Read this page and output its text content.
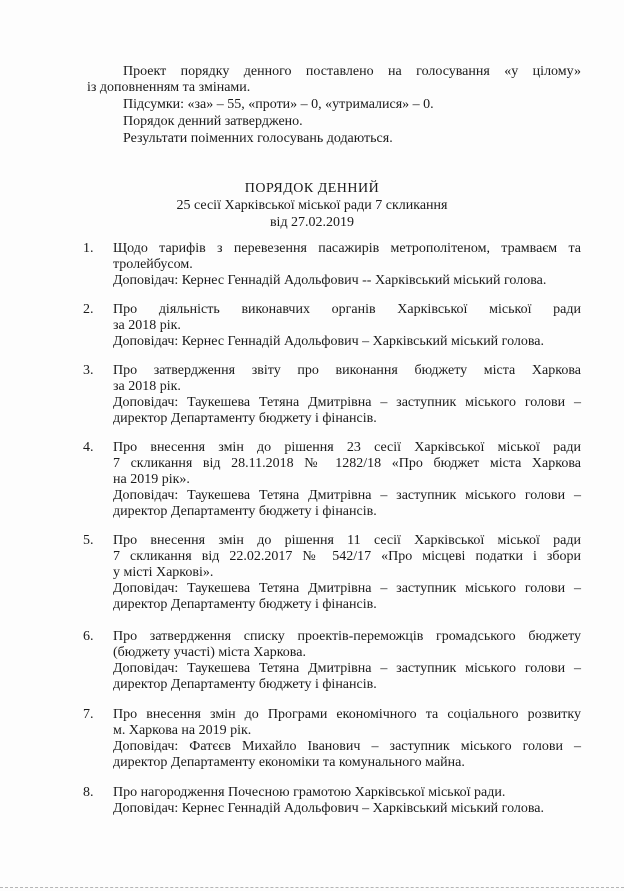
Проект порядку денного поставлено на голосування «у цілому»
із доповненням та змінами.
Підсумки: «за» – 55, «проти» – 0, «утрималися» – 0.
Порядок денний затверджено.
Результати поіменних голосувань додаються.
ПОРЯДОК ДЕННИЙ
25 сесії Харківської міської ради 7 скликання
від 27.02.2019
1. Щодо тарифів з перевезення пасажирів метрополітеном, трамваєм та
тролейбусом.
Доповідач: Кернес Геннадій Адольфович -- Харківський міський голова.
2. Про діяльність виконавчих органів Харківської міської ради
за 2018 рік.
Доповідач: Кернес Геннадій Адольфович – Харківський міський голова.
3. Про затвердження звіту про виконання бюджету міста Харкова
за 2018 рік.
Доповідач: Таукешева Тетяна Дмитрівна – заступник міського голови –
директор Департаменту бюджету і фінансів.
4. Про внесення змін до рішення 23 сесії Харківської міської ради
7 скликання від 28.11.2018 № 1282/18 «Про бюджет міста Харкова
на 2019 рік».
Доповідач: Таукешева Тетяна Дмитрівна – заступник міського голови –
директор Департаменту бюджету і фінансів.
5. Про внесення змін до рішення 11 сесії Харківської міської ради
7 скликання від 22.02.2017 № 542/17 «Про місцеві податки і збори
у місті Харкові».
Доповідач: Таукешева Тетяна Дмитрівна – заступник міського голови –
директор Департаменту бюджету і фінансів.
6. Про затвердження списку проектів-переможців громадського бюджету
(бюджету участі) міста Харкова.
Доповідач: Таукешева Тетяна Дмитрівна – заступник міського голови –
директор Департаменту бюджету і фінансів.
7. Про внесення змін до Програми економічного та соціального розвитку
м. Харкова на 2019 рік.
Доповідач: Фатєєв Михайло Іванович – заступник міського голови –
директор Департаменту економіки та комунального майна.
8. Про нагородження Почесною грамотою Харківської міської ради.
Доповідач: Кернес Геннадій Адольфович – Харківський міський голова.
